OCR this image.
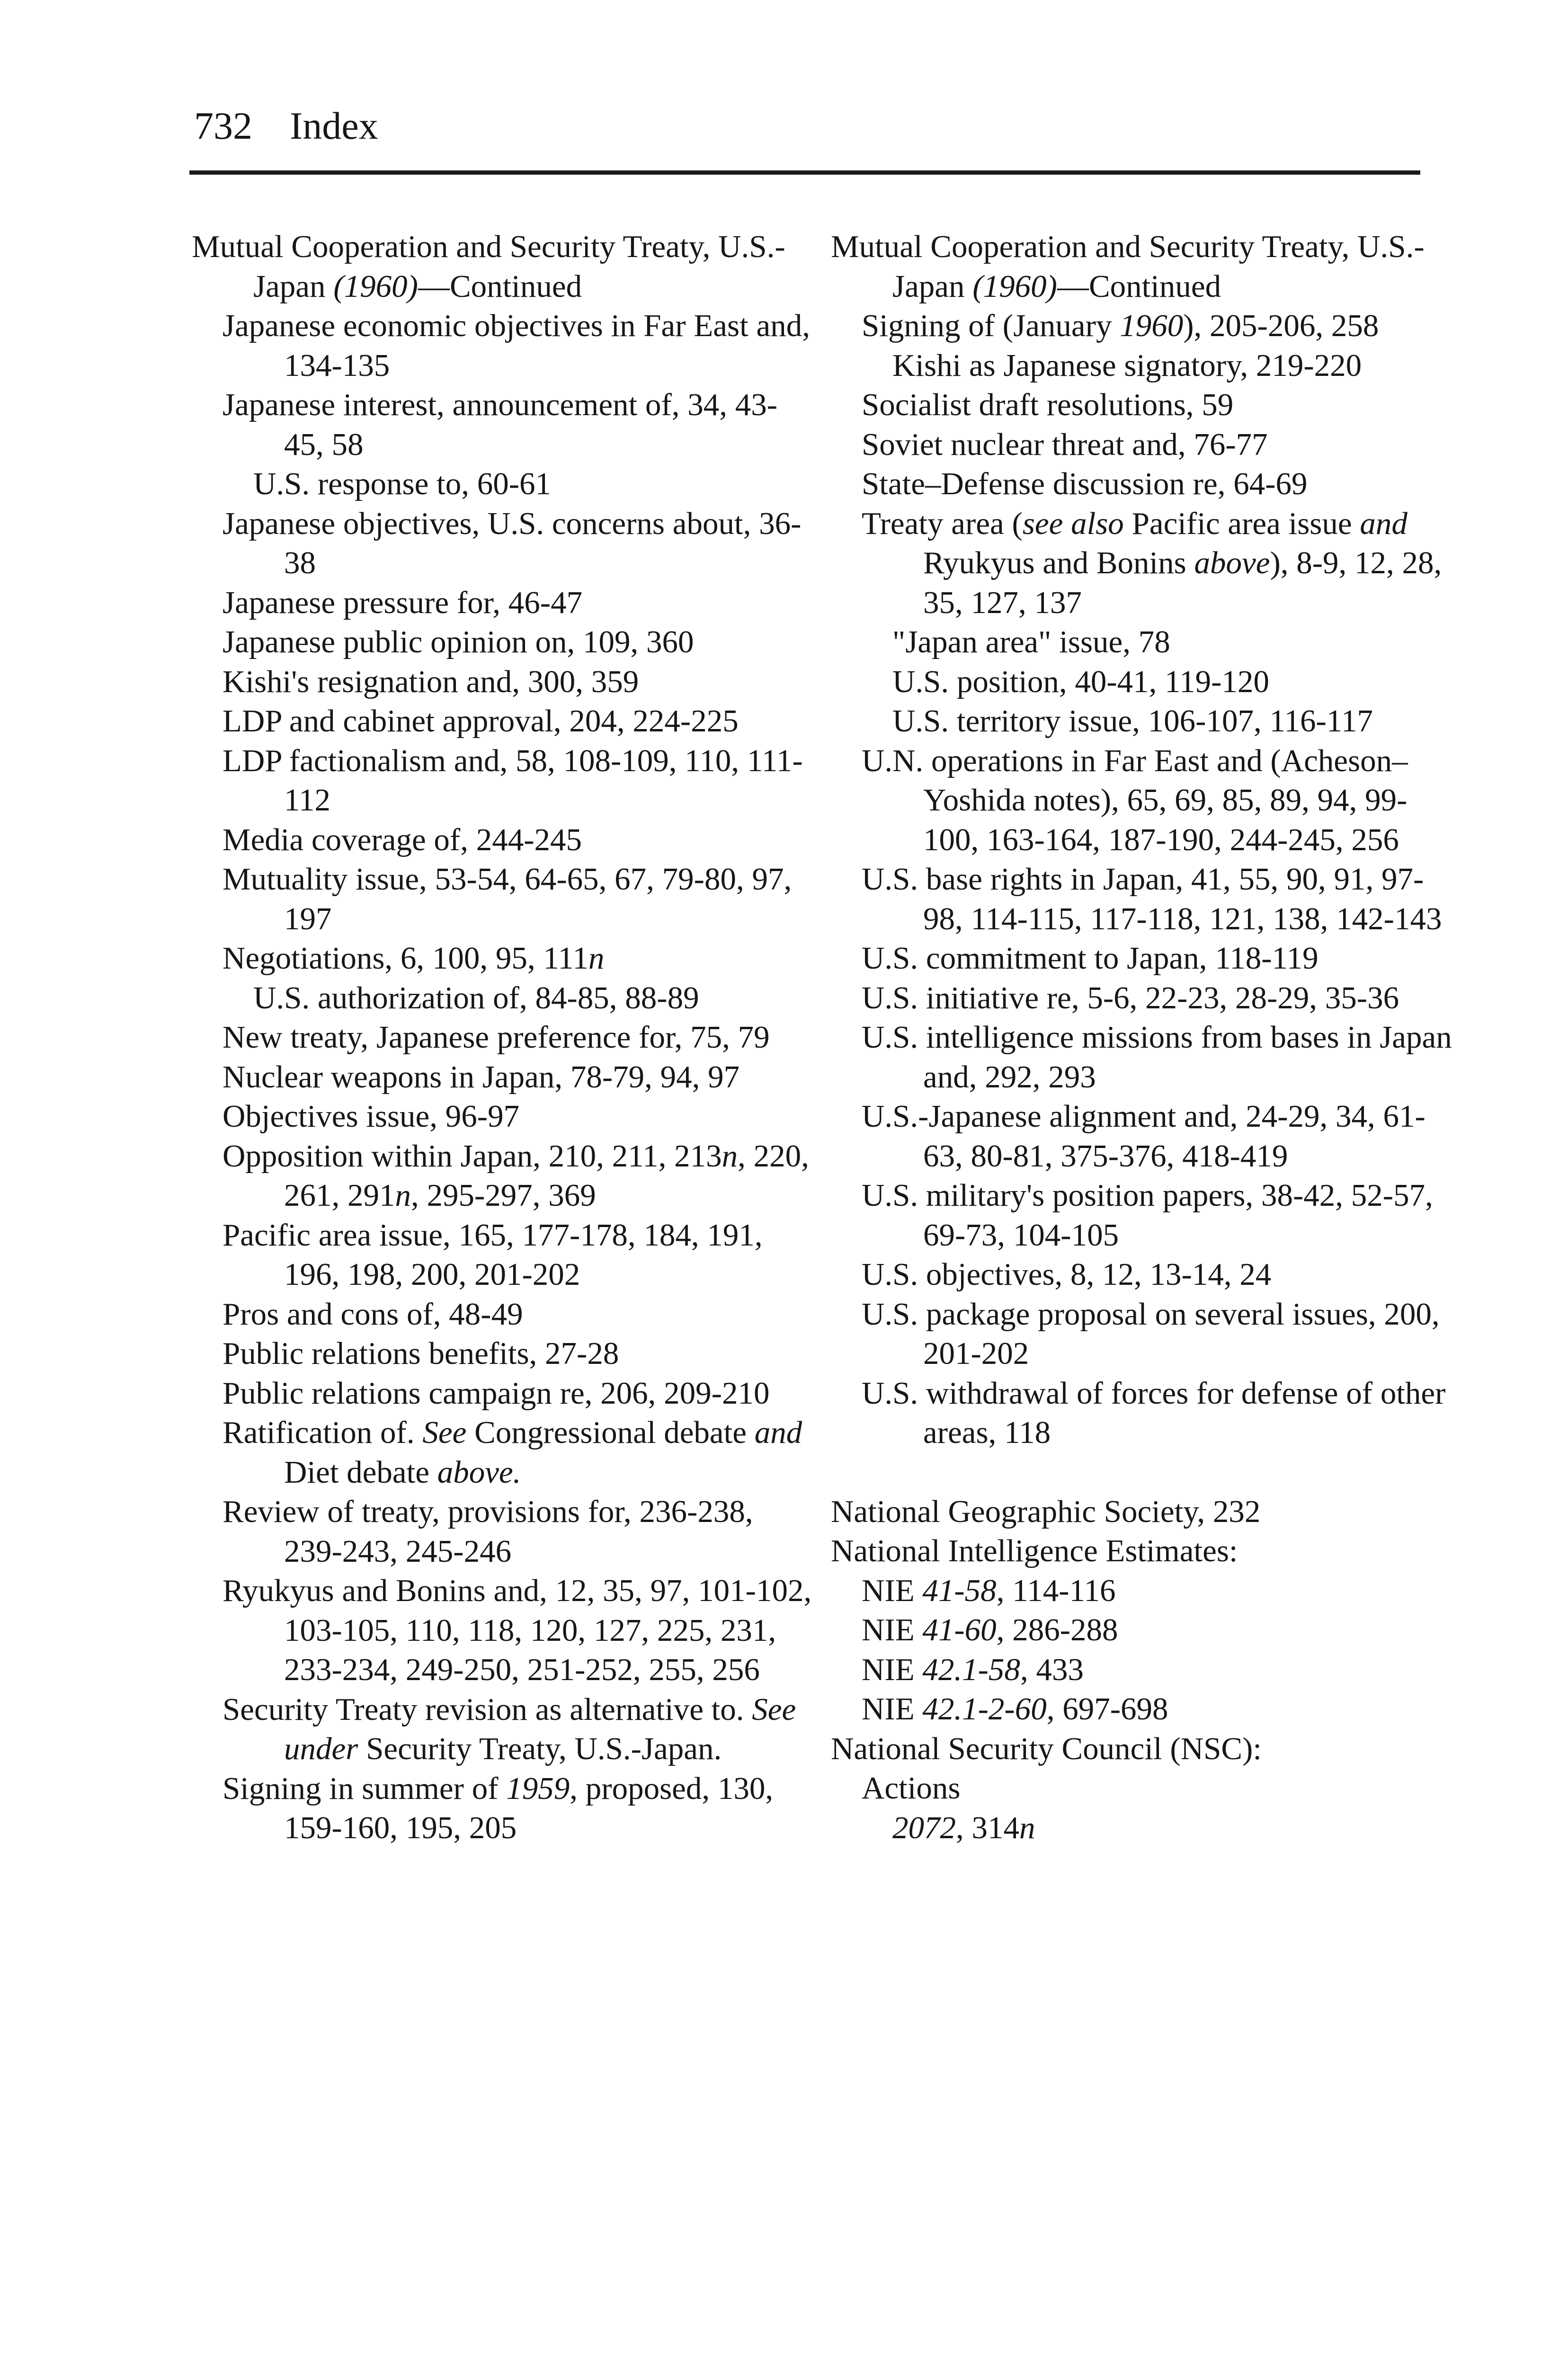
732 Index
Mutual Cooperation and Security Treaty, U.S.-Japan (1960)—Continued
Japanese economic objectives in Far East and, 134-135
Japanese interest, announcement of, 34, 43-45, 58
U.S. response to, 60-61
Japanese objectives, U.S. concerns about, 36-38
Japanese pressure for, 46-47
Japanese public opinion on, 109, 360
Kishi's resignation and, 300, 359
LDP and cabinet approval, 204, 224-225
LDP factionalism and, 58, 108-109, 110, 111-112
Media coverage of, 244-245
Mutuality issue, 53-54, 64-65, 67, 79-80, 97, 197
Negotiations, 6, 100, 95, 111n
U.S. authorization of, 84-85, 88-89
New treaty, Japanese preference for, 75, 79
Nuclear weapons in Japan, 78-79, 94, 97
Objectives issue, 96-97
Opposition within Japan, 210, 211, 213n, 220, 261, 291n, 295-297, 369
Pacific area issue, 165, 177-178, 184, 191, 196, 198, 200, 201-202
Pros and cons of, 48-49
Public relations benefits, 27-28
Public relations campaign re, 206, 209-210
Ratification of. See Congressional debate and Diet debate above.
Review of treaty, provisions for, 236-238, 239-243, 245-246
Ryukyus and Bonins and, 12, 35, 97, 101-102, 103-105, 110, 118, 120, 127, 225, 231, 233-234, 249-250, 251-252, 255, 256
Security Treaty revision as alternative to. See under Security Treaty, U.S.-Japan.
Signing in summer of 1959, proposed, 130, 159-160, 195, 205
Mutual Cooperation and Security Treaty, U.S.-Japan (1960)—Continued
Signing of (January 1960), 205-206, 258
Kishi as Japanese signatory, 219-220
Socialist draft resolutions, 59
Soviet nuclear threat and, 76-77
State–Defense discussion re, 64-69
Treaty area (see also Pacific area issue and Ryukyus and Bonins above), 8-9, 12, 28, 35, 127, 137
"Japan area" issue, 78
U.S. position, 40-41, 119-120
U.S. territory issue, 106-107, 116-117
U.N. operations in Far East and (Acheson–Yoshida notes), 65, 69, 85, 89, 94, 99-100, 163-164, 187-190, 244-245, 256
U.S. base rights in Japan, 41, 55, 90, 91, 97-98, 114-115, 117-118, 121, 138, 142-143
U.S. commitment to Japan, 118-119
U.S. initiative re, 5-6, 22-23, 28-29, 35-36
U.S. intelligence missions from bases in Japan and, 292, 293
U.S.-Japanese alignment and, 24-29, 34, 61-63, 80-81, 375-376, 418-419
U.S. military's position papers, 38-42, 52-57, 69-73, 104-105
U.S. objectives, 8, 12, 13-14, 24
U.S. package proposal on several issues, 200, 201-202
U.S. withdrawal of forces for defense of other areas, 118
National Geographic Society, 232
National Intelligence Estimates:
NIE 41-58, 114-116
NIE 41-60, 286-288
NIE 42.1-58, 433
NIE 42.1-2-60, 697-698
National Security Council (NSC):
Actions
2072, 314n
